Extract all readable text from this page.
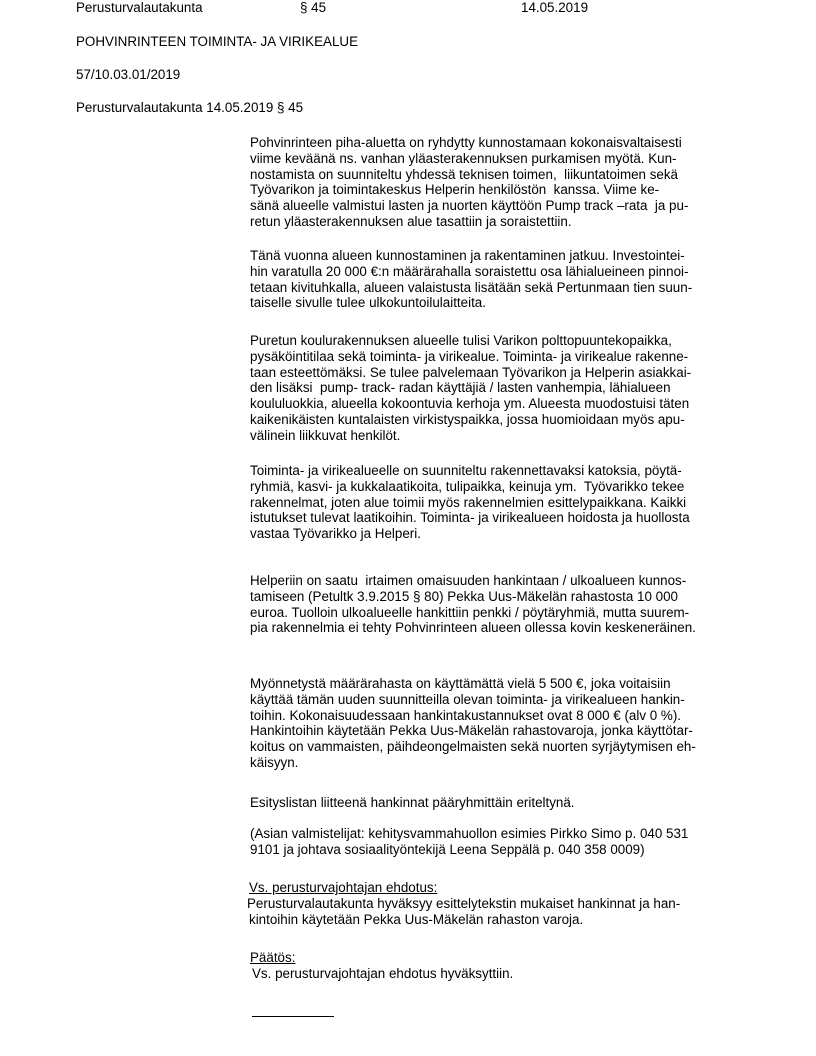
Perusturvalautakunta	§ 45	14.05.2019
POHVINRINTEEN TOIMINTA- JA VIRIKEALUE
57/10.03.01/2019
Perusturvalautakunta 14.05.2019 § 45
Pohvinrinteen piha-aluetta on ryhdytty kunnostamaan kokonaisvaltaisesti
viime keväänä ns. vanhan yläasterakennuksen purkamisen myötä. Kun-
nostamista on suunniteltu yhdessä teknisen toimen,  liikuntatoimen sekä
Työvarikon ja toimintakeskus Helperin henkilöstön  kanssa. Viime ke-
sänä alueelle valmistui lasten ja nuorten käyttöön Pump track –rata  ja pu-
retun yläasterakennuksen alue tasattiin ja soraistettiin.
Tänä vuonna alueen kunnostaminen ja rakentaminen jatkuu. Investointei-
hin varatulla 20 000 €:n määrärahalla soraistettu osa lähialueineen pinnoi-
tetaan kivituhkalla, alueen valaistusta lisätään sekä Pertunmaan tien suun-
taiselle sivulle tulee ulkokuntoilulaitteita.
Puretun koulurakennuksen alueelle tulisi Varikon polttopuuntekopaikka,
pysäköintitilaa sekä toiminta- ja virikealue. Toiminta- ja virikealue rakenne-
taan esteettömäksi. Se tulee palvelemaan Työvarikon ja Helperin asiakkai-
den lisäksi  pump- track- radan käyttäjiä / lasten vanhempia, lähialueen
koululuokkia, alueella kokoontuvia kerhoja ym. Alueesta muodostuisi täten
kaikenikäisten kuntalaisten virkistyspaikka, jossa huomioidaan myös apu-
välinein liikkuvat henkilöt.
Toiminta- ja virikealueelle on suunniteltu rakennettavaksi katoksia, pöytä-
ryhmiä, kasvi- ja kukkalaatikoita, tulipaikka, keinuja ym.  Työvarikko tekee
rakennelmat, joten alue toimii myös rakennelmien esittelypaikkana. Kaikki
istutukset tulevat laatikoihin. Toiminta- ja virikealueen hoidosta ja huollosta
vastaa Työvarikko ja Helperi.
Helperiin on saatu  irtaimen omaisuuden hankintaan / ulkoalueen kunnos-
tamiseen (Petultk 3.9.2015 § 80) Pekka Uus-Mäkelän rahastosta 10 000
euroa. Tuolloin ulkoalueelle hankittiin penkki / pöytäryhmiä, mutta suurem-
pia rakennelmia ei tehty Pohvinrinteen alueen ollessa kovin keskeneräinen.
Myönnetystä määrärahasta on käyttämättä vielä 5 500 €, joka voitaisiin
käyttää tämän uuden suunnitteilla olevan toiminta- ja virikealueen hankin-
toihin. Kokonaisuudessaan hankintakustannukset ovat 8 000 € (alv 0 %).
Hankintoihin käytetään Pekka Uus-Mäkelän rahastovaroja, jonka käyttötar-
koitus on vammaisten, päihdeongelmaisten sekä nuorten syrjäytymisen eh-
käisyyn.
Esityslistan liitteenä hankinnat pääryhmittäin eriteltynä.
(Asian valmistelijat: kehitysvammahuollon esimies Pirkko Simo p. 040 531
9101 ja johtava sosiaalityöntekijä Leena Seppälä p. 040 358 0009)
Vs. perusturvajohtajan ehdotus:
Perusturvalautakunta hyväksyy esittelytekstin mukaiset hankinnat ja han-
kintoihin käytetään Pekka Uus-Mäkelän rahaston varoja.
Päätös:
Vs. perusturvajohtajan ehdotus hyväksyttiin.
